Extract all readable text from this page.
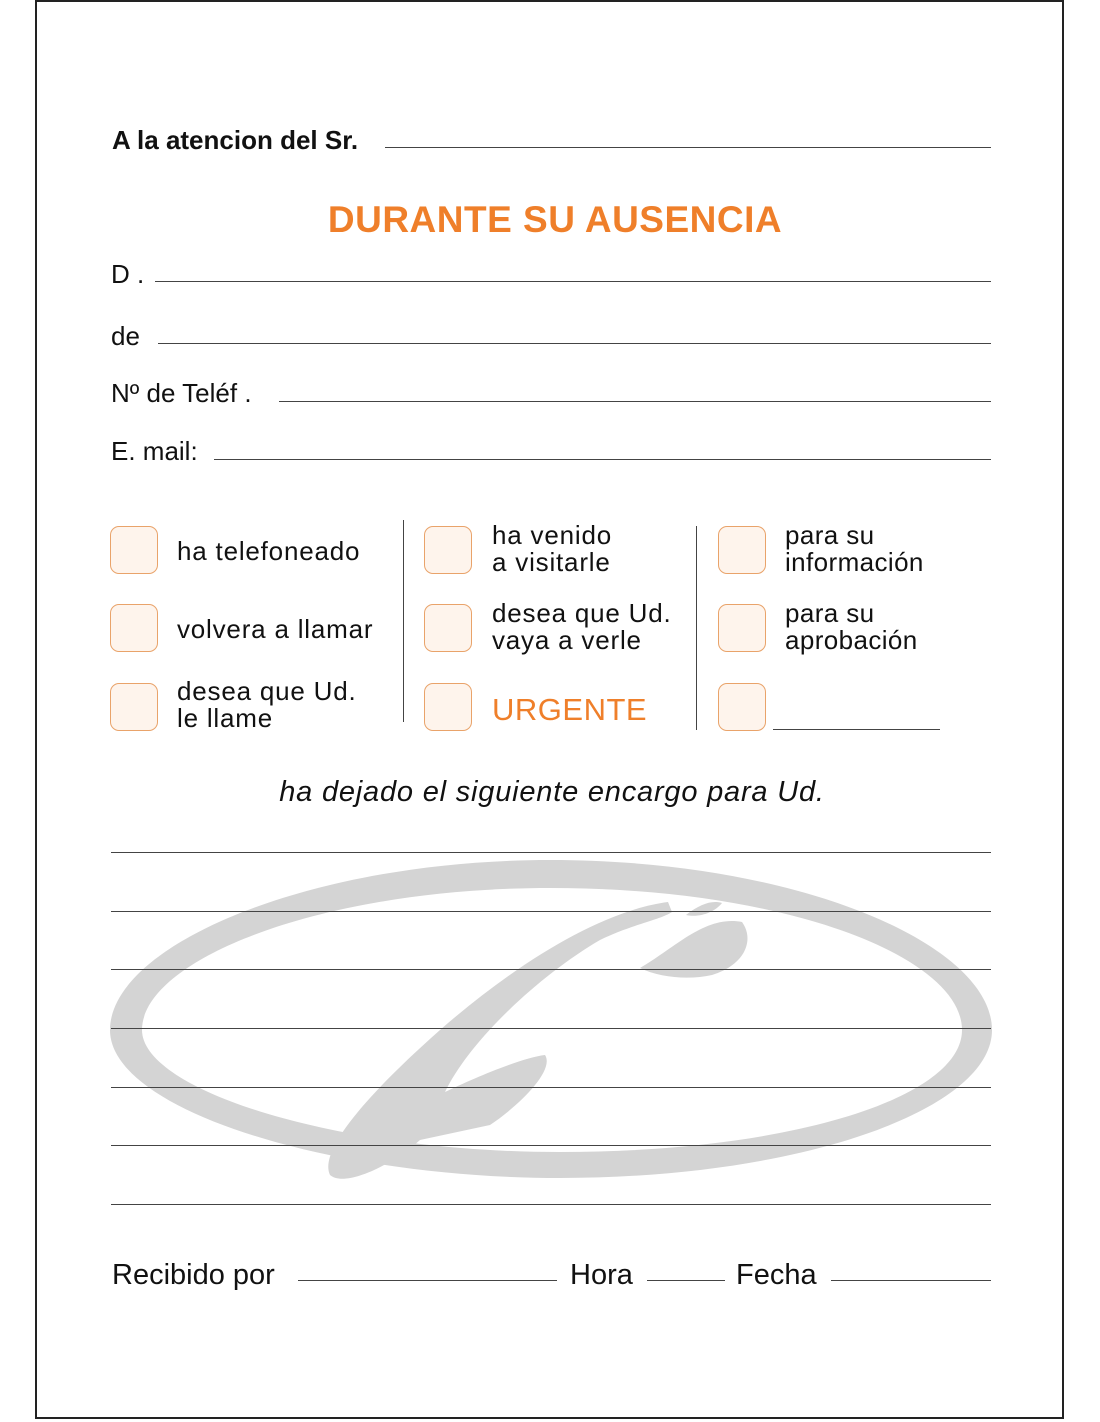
A la atencion del Sr.
DURANTE SU AUSENCIA
D .
de
Nº de Teléf .
E. mail:
ha telefoneado
volvera a llamar
desea que Ud.
le llame
ha venido
a visitarle
desea que Ud.
vaya a verle
URGENTE
para su
información
para su
aprobación
ha dejado el siguiente encargo para Ud.
Recibido por	Hora	Fecha
